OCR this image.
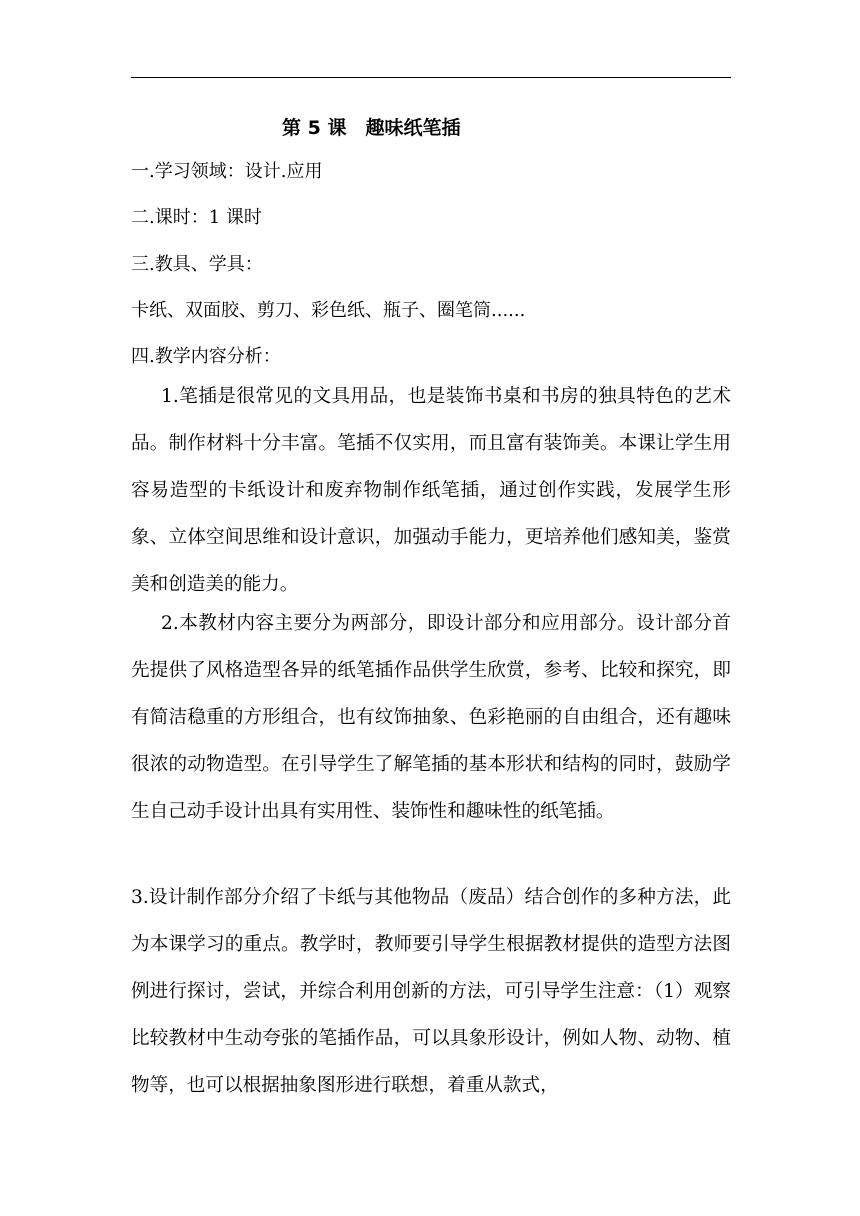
第 5 课　趣味纸笔插
一.学习领域：设计.应用
二.课时：1 课时
三.教具、学具：
卡纸、双面胶、剪刀、彩色纸、瓶子、圈笔筒......
四.教学内容分析：
1.笔插是很常见的文具用品，也是装饰书桌和书房的独具特色的艺术品。制作材料十分丰富。笔插不仅实用，而且富有装饰美。本课让学生用容易造型的卡纸设计和废弃物制作纸笔插，通过创作实践，发展学生形象、立体空间思维和设计意识，加强动手能力，更培养他们感知美，鉴赏美和创造美的能力。
2.本教材内容主要分为两部分，即设计部分和应用部分。设计部分首先提供了风格造型各异的纸笔插作品供学生欣赏，参考、比较和探究，即有简洁稳重的方形组合，也有纹饰抽象、色彩艳丽的自由组合，还有趣味很浓的动物造型。在引导学生了解笔插的基本形状和结构的同时，鼓励学生自己动手设计出具有实用性、装饰性和趣味性的纸笔插。
3.设计制作部分介绍了卡纸与其他物品（废品）结合创作的多种方法，此为本课学习的重点。教学时，教师要引导学生根据教材提供的造型方法图例进行探讨，尝试，并综合利用创新的方法，可引导学生注意：（1）观察比较教材中生动夸张的笔插作品，可以具象形设计，例如人物、动物、植物等，也可以根据抽象图形进行联想，着重从款式，
